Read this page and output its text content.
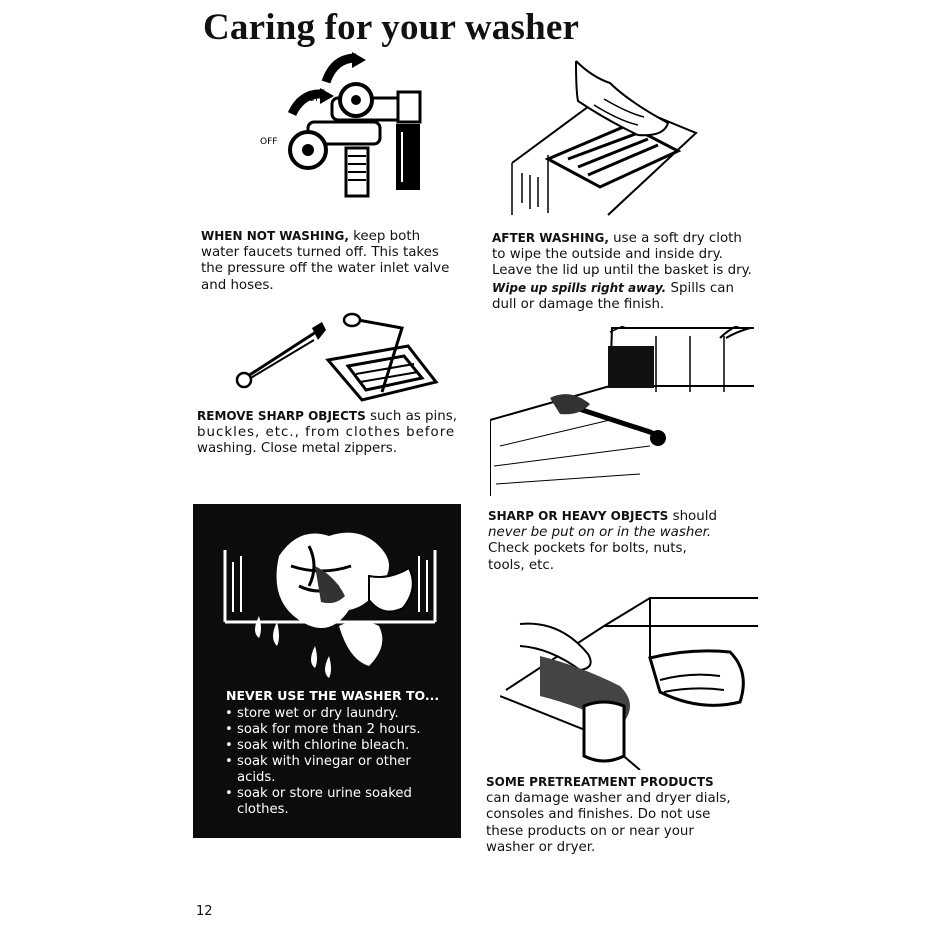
Caring for your washer
OFF
OFF
WHEN NOT WASHING, keep both
water faucets turned off. This takes
the pressure off the water inlet valve
and hoses.
AFTER WASHING, use a soft dry cloth
to wipe the outside and inside dry.
Leave the lid up until the basket is dry.
Wipe up spills right away. Spills can
dull or damage the finish.
REMOVE SHARP OBJECTS such as pins,
buckles, etc., from clothes before
washing. Close metal zippers.
SHARP OR HEAVY OBJECTS should
never be put on or in the washer.
Check pockets for bolts, nuts,
tools, etc.
SOME PRETREATMENT PRODUCTS
can damage washer and dryer dials,
consoles and finishes. Do not use
these products on or near your
washer or dryer.
NEVER USE THE WASHER TO...
• store wet or dry laundry.
• soak for more than 2 hours.
• soak with chlorine bleach.
• soak with vinegar or other
acids.
• soak or store urine soaked
clothes.
12
